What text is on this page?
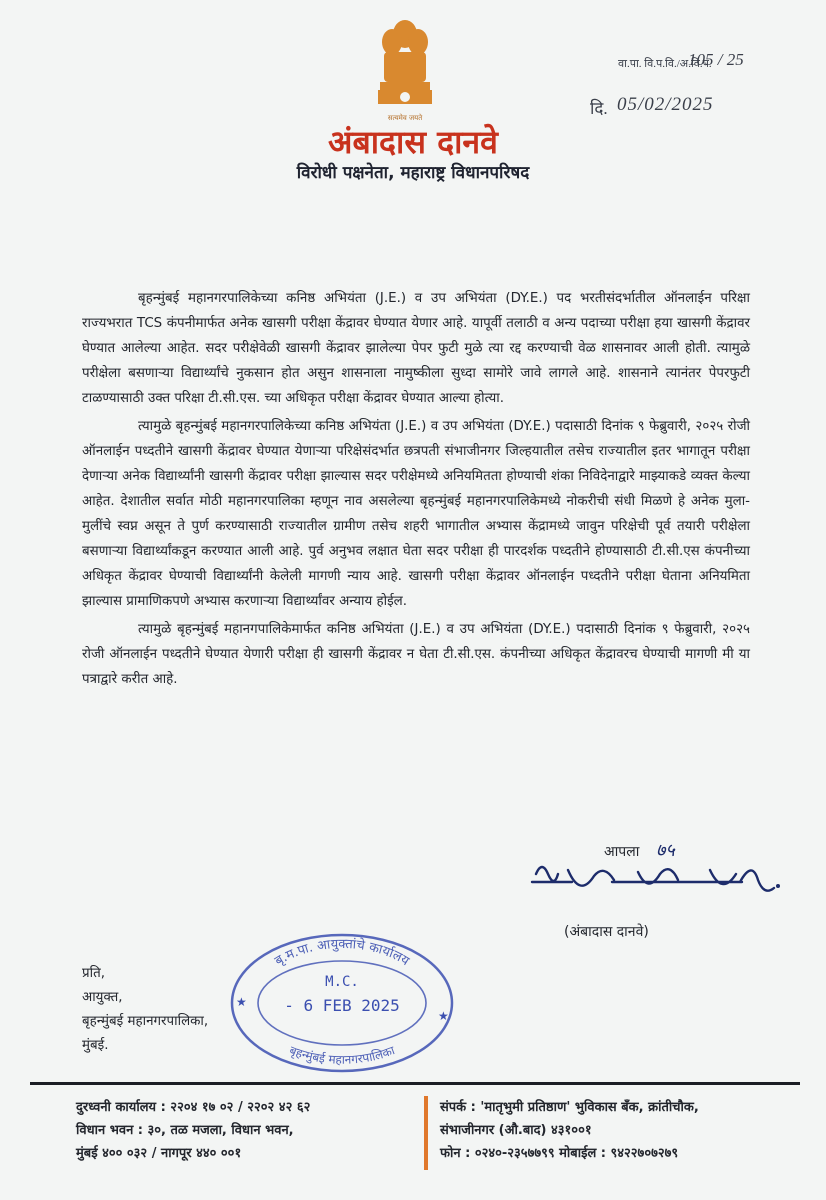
सत्यमेव जयते
वा.पा. वि.प.वि./अ.वि.प.
105 / 25
दि. 05/02/2025
अंबादास दानवे
विरोधी पक्षनेता, महाराष्ट्र विधानपरिषद

बृहन्मुंबई महानगरपालिकेच्या कनिष्ठ अभियंता (J.E.) व उप अभियंता (DY.E.) पद भरतीसंदर्भातील ऑनलाईन परिक्षा राज्यभरात TCS कंपनीमार्फत अनेक खासगी परीक्षा केंद्रावर घेण्यात येणार आहे. यापूर्वी तलाठी व अन्य पदाच्या परीक्षा हया खासगी केंद्रावर घेण्यात आलेल्या आहेत. सदर परीक्षेवेळी खासगी केंद्रावर झालेल्या पेपर फुटी मुळे त्या रद्द करण्याची वेळ शासनावर आली होती. त्यामुळे परीक्षेला बसणाऱ्या विद्यार्थ्यांचे नुकसान होत असुन शासनाला नामुष्कीला सुध्दा सामोरे जावे लागले आहे. शासनाने त्यानंतर पेपरफुटी टाळण्यासाठी उक्त परिक्षा टी.सी.एस. च्या अधिकृत परीक्षा केंद्रावर घेण्यात आल्या होत्या.

त्यामुळे बृहन्मुंबई महानगरपालिकेच्या कनिष्ठ अभियंता (J.E.) व उप अभियंता (DY.E.) पदासाठी दिनांक ९ फेब्रुवारी, २०२५ रोजी ऑनलाईन पध्दतीने खासगी केंद्रावर घेण्यात येणाऱ्या परिक्षेसंदर्भात छत्रपती संभाजीनगर जिल्हयातील तसेच राज्यातील इतर भागातून परीक्षा देणाऱ्या अनेक विद्यार्थ्यांनी खासगी केंद्रावर परीक्षा झाल्यास सदर परीक्षेमध्ये अनियमितता होण्याची शंका निविदेनाद्वारे माझ्याकडे व्यक्त केल्या आहेत. देशातील सर्वात मोठी महानगरपालिका म्हणून नाव असलेल्या बृहन्मुंबई महानगरपालिकेमध्ये नोकरीची संधी मिळणे हे अनेक मुला-मुलींचे स्वप्न असून ते पुर्ण करण्यासाठी राज्यातील ग्रामीण तसेच शहरी भागातील अभ्यास केंद्रामध्ये जावुन परिक्षेची पूर्व तयारी परीक्षेला बसणाऱ्या विद्यार्थ्यांकडून करण्यात आली आहे. पुर्व अनुभव लक्षात घेता सदर परीक्षा ही पारदर्शक पध्दतीने होण्यासाठी टी.सी.एस कंपनीच्या अधिकृत केंद्रावर घेण्याची विद्यार्थ्यांनी केलेली मागणी न्याय आहे. खासगी परीक्षा केंद्रावर ऑनलाईन पध्दतीने परीक्षा घेताना अनियमिता झाल्यास प्रामाणिकपणे अभ्यास करणाऱ्या विद्यार्थ्यांवर अन्याय होईल.

त्यामुळे बृहन्मुंबई महानगपालिकेमार्फत कनिष्ठ अभियंता (J.E.) व उप अभियंता (DY.E.) पदासाठी दिनांक ९ फेब्रुवारी, २०२५ रोजी ऑनलाईन पध्दतीने घेण्यात येणारी परीक्षा ही खासगी केंद्रावर न घेता टी.सी.एस. कंपनीच्या अधिकृत केंद्रावरच घेण्याची मागणी मी या पत्राद्वारे करीत आहे.

आपला ७५
(अंबादास दानवे)
प्रति,
आयुक्त,
बृहन्मुंबई महानगरपालिका,
मुंबई.
बृ.म.पा. आयुक्तांचे कार्यालय
बृहन्मुंबई महानगरपालिका
M.C.
- 6 FEB 2025
★
★
दुरध्वनी कार्यालय : २२०४ १७ ०२ / २२०२ ४२ ६२
विधान भवन : ३०, तळ मजला, विधान भवन,
मुंबई ४०० ०३२ / नागपूर ४४० ००१
संपर्क : 'मातृभुमी प्रतिष्ठाण' भुविकास बँक, क्रांतीचौक,
संभाजीनगर (औ.बाद) ४३१००१
फोन : ०२४०-२३५७७९९ मोबाईल : ९४२२७०७२७९
